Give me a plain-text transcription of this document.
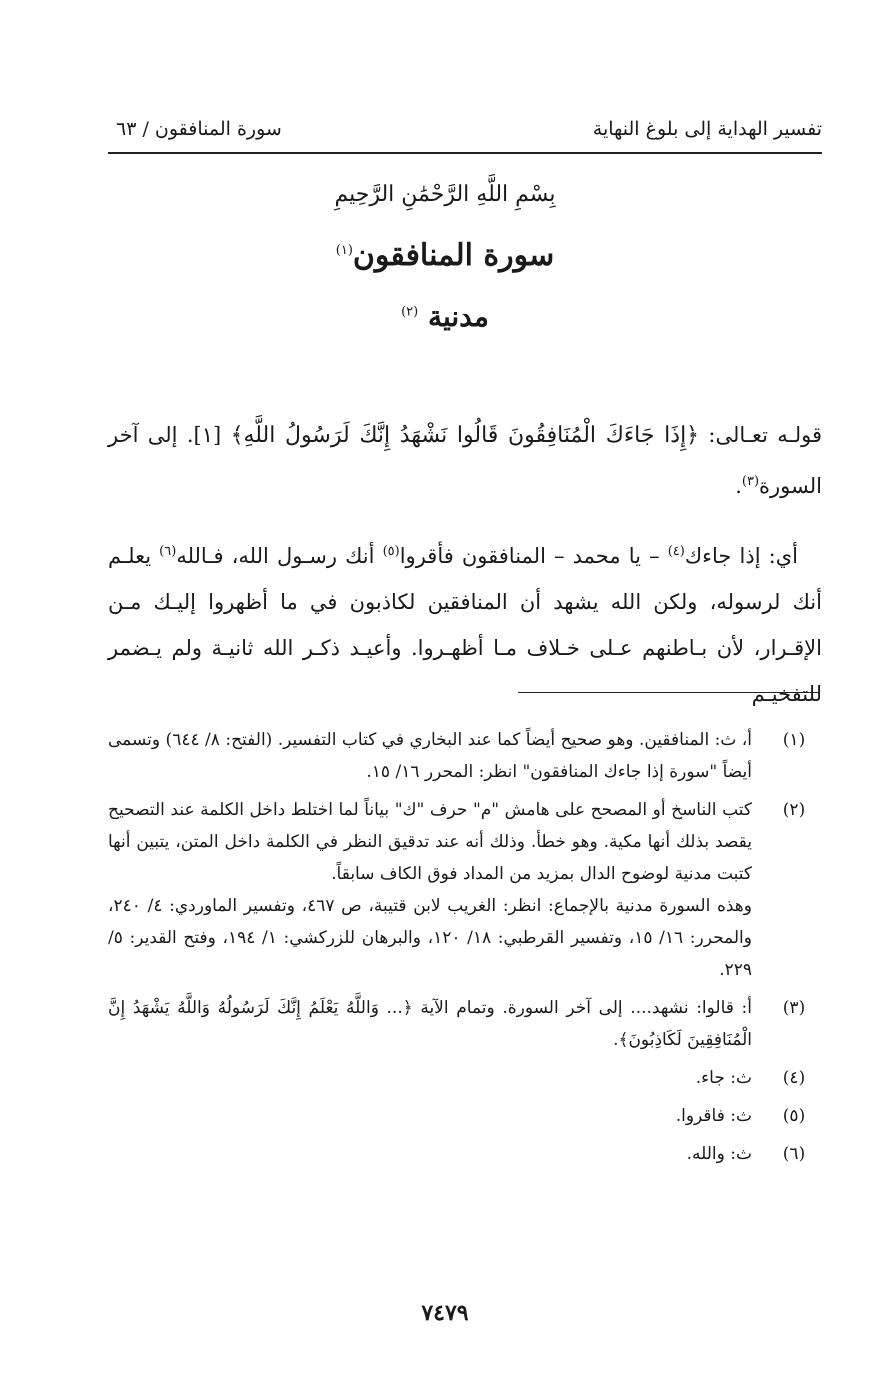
تفسير الهداية إلى بلوغ النهاية
سورة المنافقون / ٦٣
بِسْمِ اللَّهِ الرَّحْمَٰنِ الرَّحِيمِ
سورة المنافقون$^{(١)}$
مدنية $^{(٢)}$

قولـه تعـالى: ﴿إِذَا جَاءَكَ الْمُنَافِقُونَ قَالُوا نَشْهَدُ إِنَّكَ لَرَسُولُ اللَّهِ﴾ [١]. إلى آخر السورة$^{(٣)}$.

أي: إذا جاءك$^{(٤)}$ – يا محمد – المنافقون فأقروا$^{(٥)}$ أنك رسـول الله، فـالله$^{(٦)}$ يعلـم أنك لرسوله، ولكن الله يشهد أن المنافقين لكاذبون في ما أظهروا إليـك مـن الإقـرار، لأن بـاطنهم عـلى خـلاف مـا أظهـروا. وأعيـد ذكـر الله ثانيـة ولم يـضمر للتفخيـم

(١)

أ، ث: المنافقين. وهو صحيح أيضاً كما عند البخاري في كتاب التفسير. (الفتح: ٨/ ٦٤٤) وتسمى أيضاً "سورة إذا جاءك المنافقون" انظر: المحرر ١٦/ ١٥.

(٢)

كتب الناسخ أو المصحح على هامش "م" حرف "ك" بياناً لما اختلط داخل الكلمة عند التصحيح يقصد بذلك أنها مكية. وهو خطأ. وذلك أنه عند تدقيق النظر في الكلمة داخل المتن، يتبين أنها كتبت مدنية لوضوح الدال بمزيد من المداد فوق الكاف سابقاً.

وهذه السورة مدنية بالإجماع: انظر: الغريب لابن قتيبة، ص ٤٦٧، وتفسير الماوردي: ٤/ ٢٤٠، والمحرر: ١٦/ ١٥، وتفسير القرطبي: ١٨/ ١٢٠، والبرهان للزركشي: ١/ ١٩٤، وفتح القدير: ٥/ ٢٢٩.

(٣)

أ: قالوا: نشهد.... إلى آخر السورة. وتمام الآية ﴿... وَاللَّهُ يَعْلَمُ إِنَّكَ لَرَسُولُهُ وَاللَّهُ يَشْهَدُ إِنَّ الْمُنَافِقِينَ لَكَاذِبُونَ﴾.

(٤)

ث: جاء.

(٥)

ث: فاقروا.

(٦)

ث: والله.

٧٤٧٩
